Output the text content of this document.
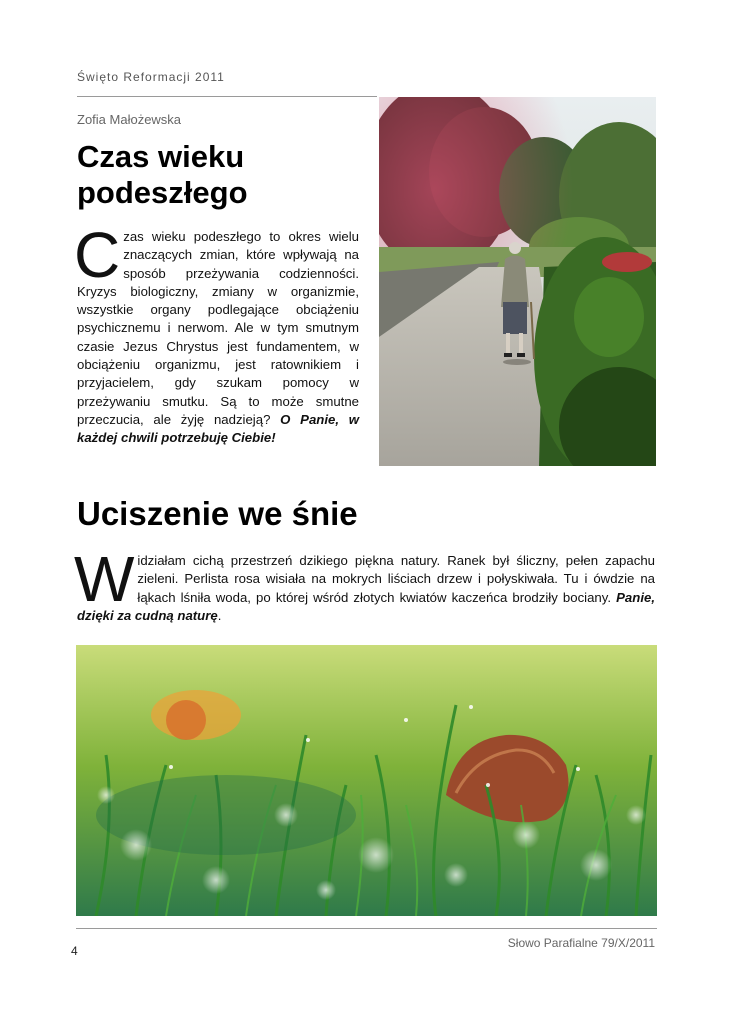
Święto Reformacji 2011
Zofia Małożewska
Czas wieku
podeszłego

Czas wieku podeszłego to okres wielu znaczących zmian, które wpływają na sposób przeżywania codzienności. Kryzys biologiczny, zmiany w organizmie, wszystkie organy podlegające obciążeniu psychicznemu i nerwom. Ale w tym smutnym czasie Jezus Chrystus jest fundamentem, w obciążeniu organizmu, jest ratownikiem i przyjacielem, gdy szukam pomocy w przeżywaniu smutku. Są to może smutne przeczucia, ale żyję nadzieją? O Panie, w każdej chwili potrzebuję Ciebie!

Uciszenie we śnie

Widziałam cichą przestrzeń dzikiego piękna natury. Ranek był śliczny, pełen zapachu zieleni. Perlista rosa wisiała na mokrych liściach drzew i połyskiwała. Tu i ówdzie na łąkach lśniła woda, po której wśród złotych kwiatów kaczeńca brodziły bociany. Panie, dzięki za cudną naturę.

Słowo Parafialne 79/X/2011
4
